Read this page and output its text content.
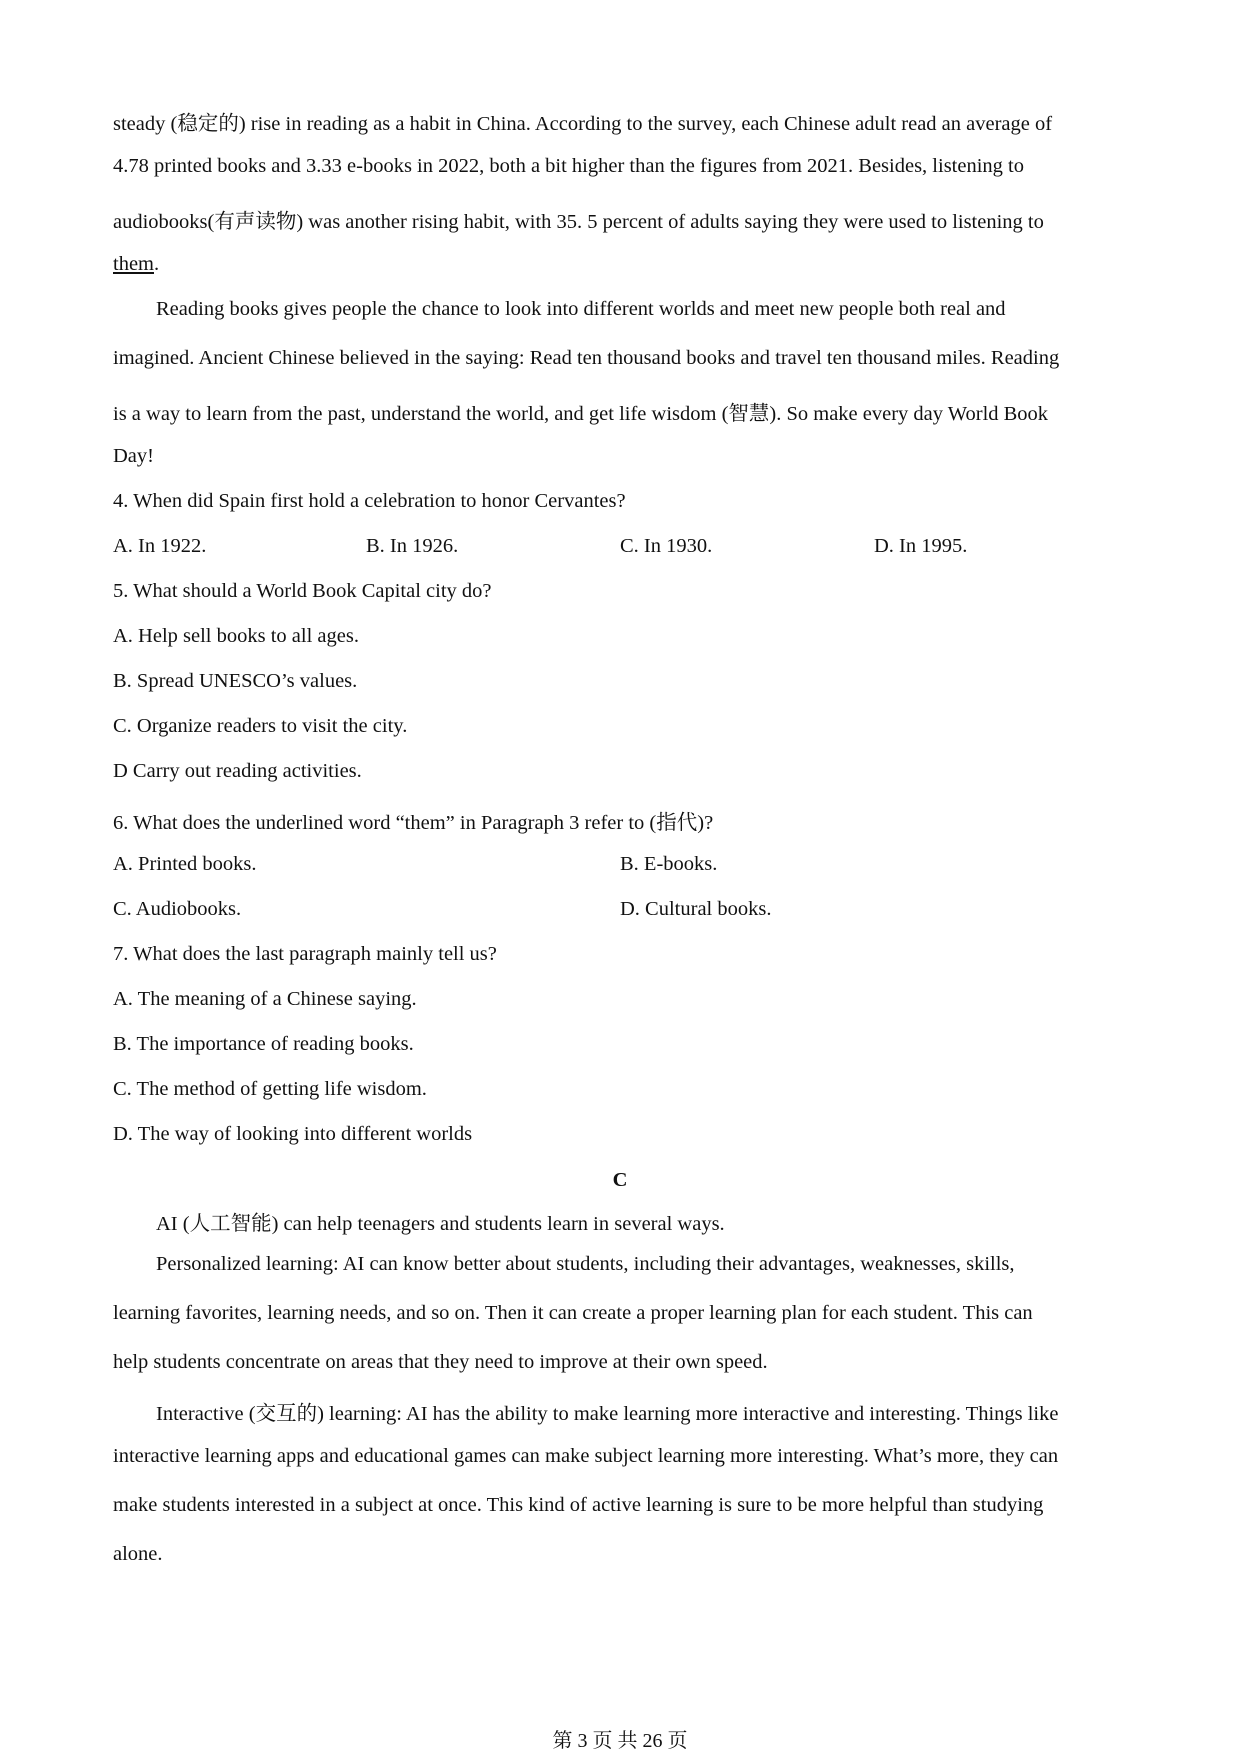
steady (稳定的) rise in reading as a habit in China. According to the survey, each Chinese adult read an average of
4.78 printed books and 3.33 e-books in 2022, both a bit higher than the figures from 2021. Besides, listening to
audiobooks(有声读物) was another rising habit, with 35. 5 percent of adults saying they were used to listening to
them.
Reading books gives people the chance to look into different worlds and meet new people both real and
imagined. Ancient Chinese believed in the saying: Read ten thousand books and travel ten thousand miles. Reading
is a way to learn from the past, understand the world, and get life wisdom (智慧). So make every day World Book
Day!
4. When did Spain first hold a celebration to honor Cervantes?
A. In 1922.	B. In 1926.	C. In 1930.	D. In 1995.
5. What should a World Book Capital city do?
A. Help sell books to all ages.
B. Spread UNESCO’s values.
C. Organize readers to visit the city.
D Carry out reading activities.
6. What does the underlined word “them” in Paragraph 3 refer to (指代)?
A. Printed books.	B. E-books.
C. Audiobooks.	D. Cultural books.
7. What does the last paragraph mainly tell us?
A. The meaning of a Chinese saying.
B. The importance of reading books.
C. The method of getting life wisdom.
D. The way of looking into different worlds
C
AI (人工智能) can help teenagers and students learn in several ways.
Personalized learning: AI can know better about students, including their advantages, weaknesses, skills,
learning favorites, learning needs, and so on. Then it can create a proper learning plan for each student. This can
help students concentrate on areas that they need to improve at their own speed.
Interactive (交互的) learning: AI has the ability to make learning more interactive and interesting. Things like
interactive learning apps and educational games can make subject learning more interesting. What’s more, they can
make students interested in a subject at once. This kind of active learning is sure to be more helpful than studying
alone.
第 3 页 共 26 页
